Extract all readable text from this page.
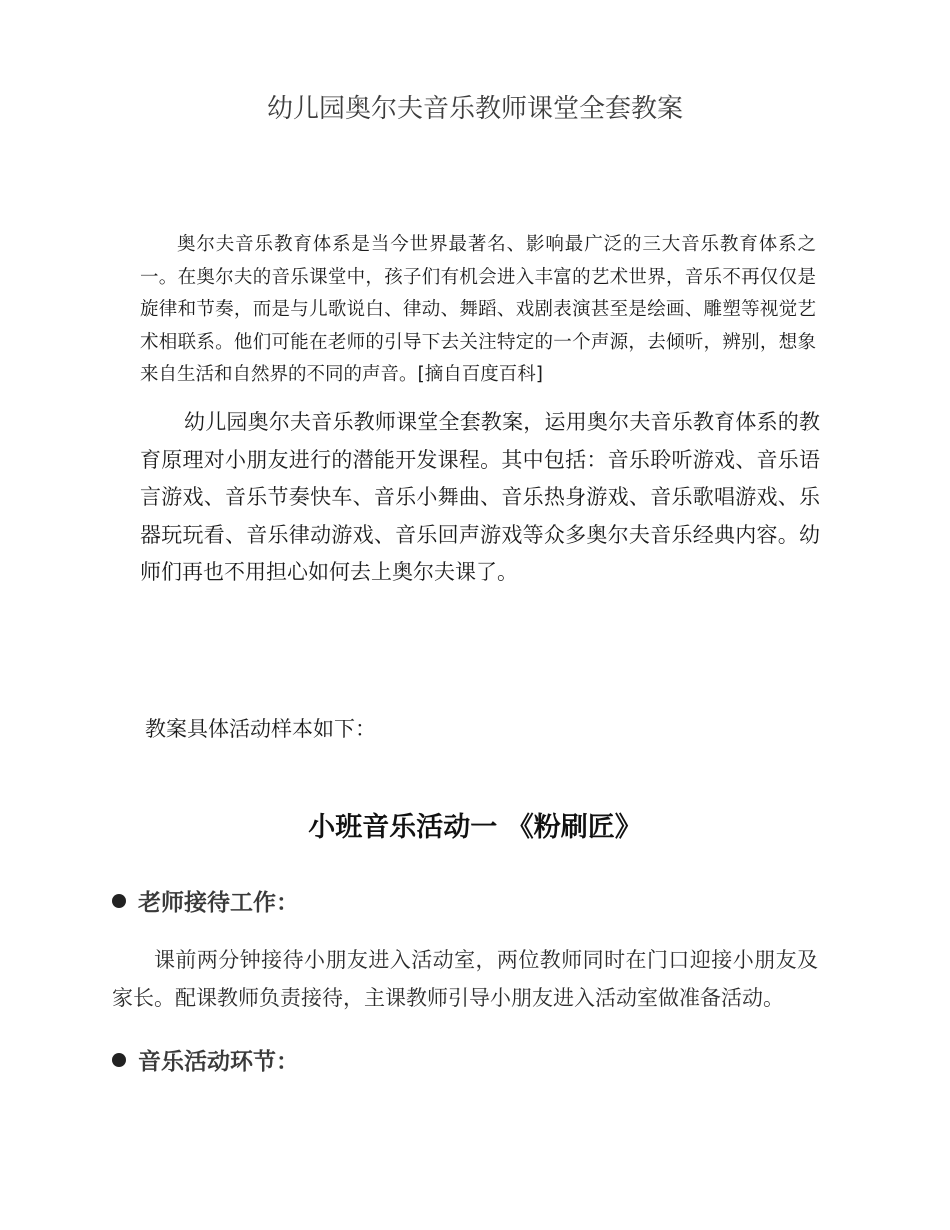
幼儿园奥尔夫音乐教师课堂全套教案

奥尔夫音乐教育体系是当今世界最著名、影响最广泛的三大音乐教育体系之一。在奥尔夫的音乐课堂中，孩子们有机会进入丰富的艺术世界，音乐不再仅仅是旋律和节奏，而是与儿歌说白、律动、舞蹈、戏剧表演甚至是绘画、雕塑等视觉艺术相联系。他们可能在老师的引导下去关注特定的一个声源，去倾听，辨别，想象来自生活和自然界的不同的声音。[摘自百度百科]

幼儿园奥尔夫音乐教师课堂全套教案，运用奥尔夫音乐教育体系的教育原理对小朋友进行的潜能开发课程。其中包括：音乐聆听游戏、音乐语言游戏、音乐节奏快车、音乐小舞曲、音乐热身游戏、音乐歌唱游戏、乐器玩玩看、音乐律动游戏、音乐回声游戏等众多奥尔夫音乐经典内容。幼师们再也不用担心如何去上奥尔夫课了。

教案具体活动样本如下：
小班音乐活动一 《粉刷匠》
老师接待工作：

课前两分钟接待小朋友进入活动室，两位教师同时在门口迎接小朋友及家长。配课教师负责接待，主课教师引导小朋友进入活动室做准备活动。

音乐活动环节：
